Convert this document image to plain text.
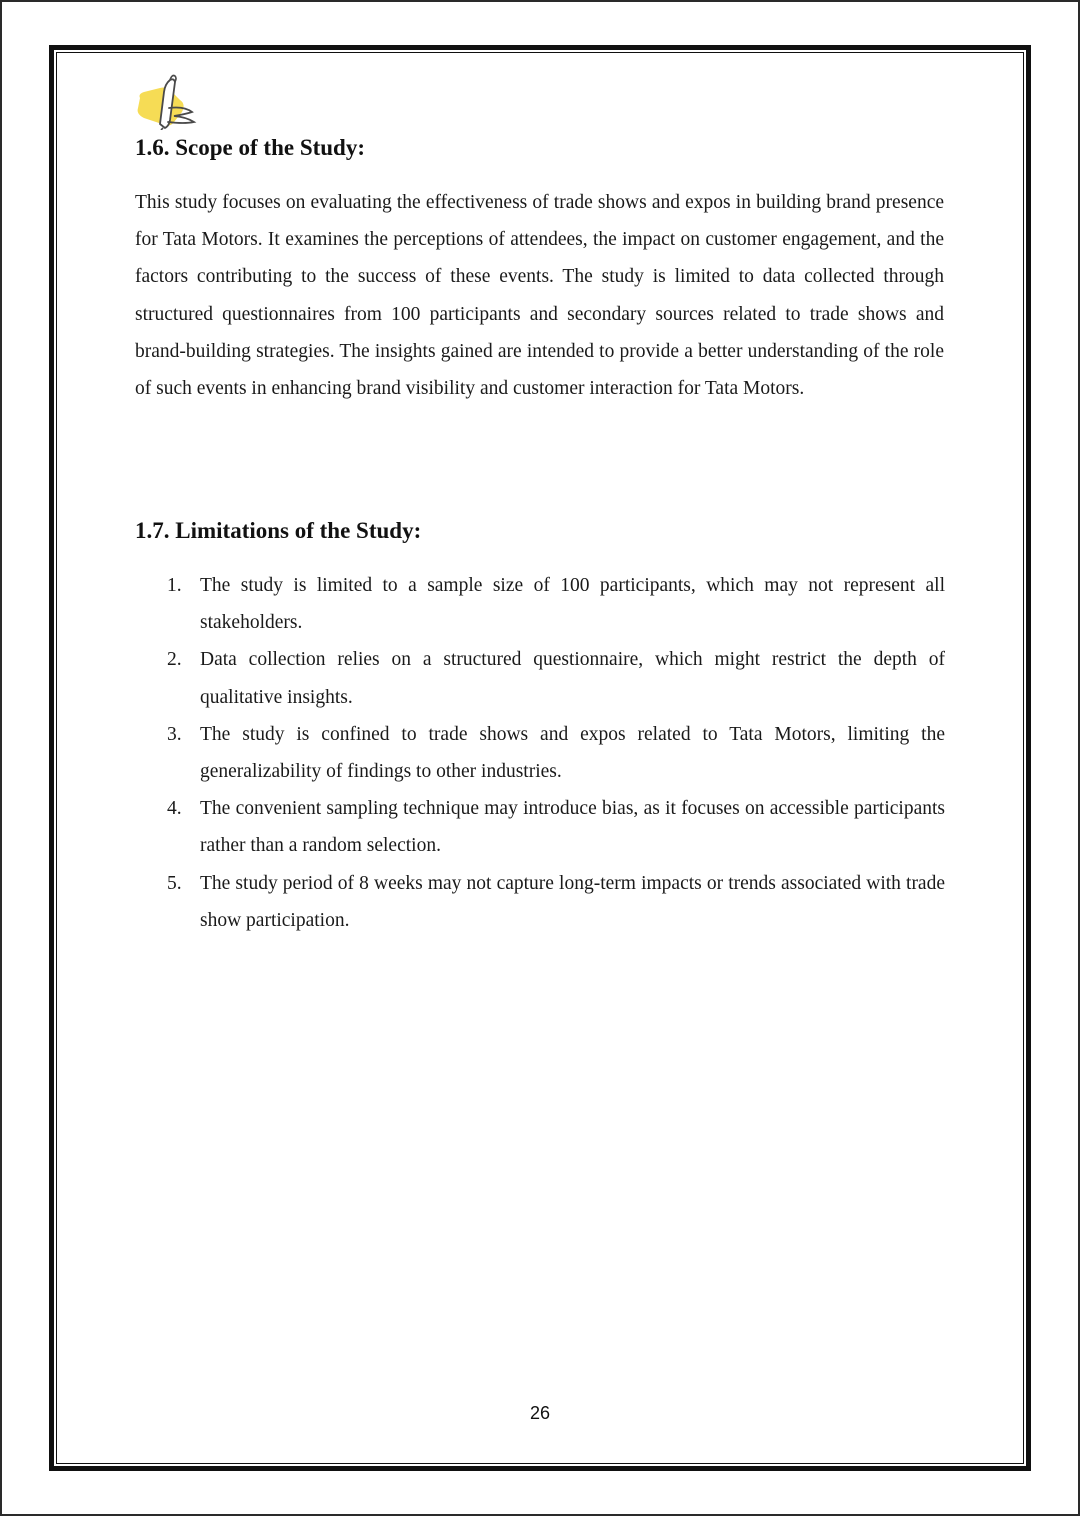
1.6. Scope of the Study:

This study focuses on evaluating the effectiveness of trade shows and expos in building brand presence for Tata Motors. It examines the perceptions of attendees, the impact on customer engagement, and the factors contributing to the success of these events. The study is limited to data collected through structured questionnaires from 100 participants and secondary sources related to trade shows and brand-building strategies. The insights gained are intended to provide a better understanding of the role of such events in enhancing brand visibility and customer interaction for Tata Motors.

1.7. Limitations of the Study:
1. The study is limited to a sample size of 100 participants, which may not represent all stakeholders.
2. Data collection relies on a structured questionnaire, which might restrict the depth of qualitative insights.
3. The study is confined to trade shows and expos related to Tata Motors, limiting the generalizability of findings to other industries.
4. The convenient sampling technique may introduce bias, as it focuses on accessible participants rather than a random selection.
5. The study period of 8 weeks may not capture long-term impacts or trends associated with trade show participation.
26
